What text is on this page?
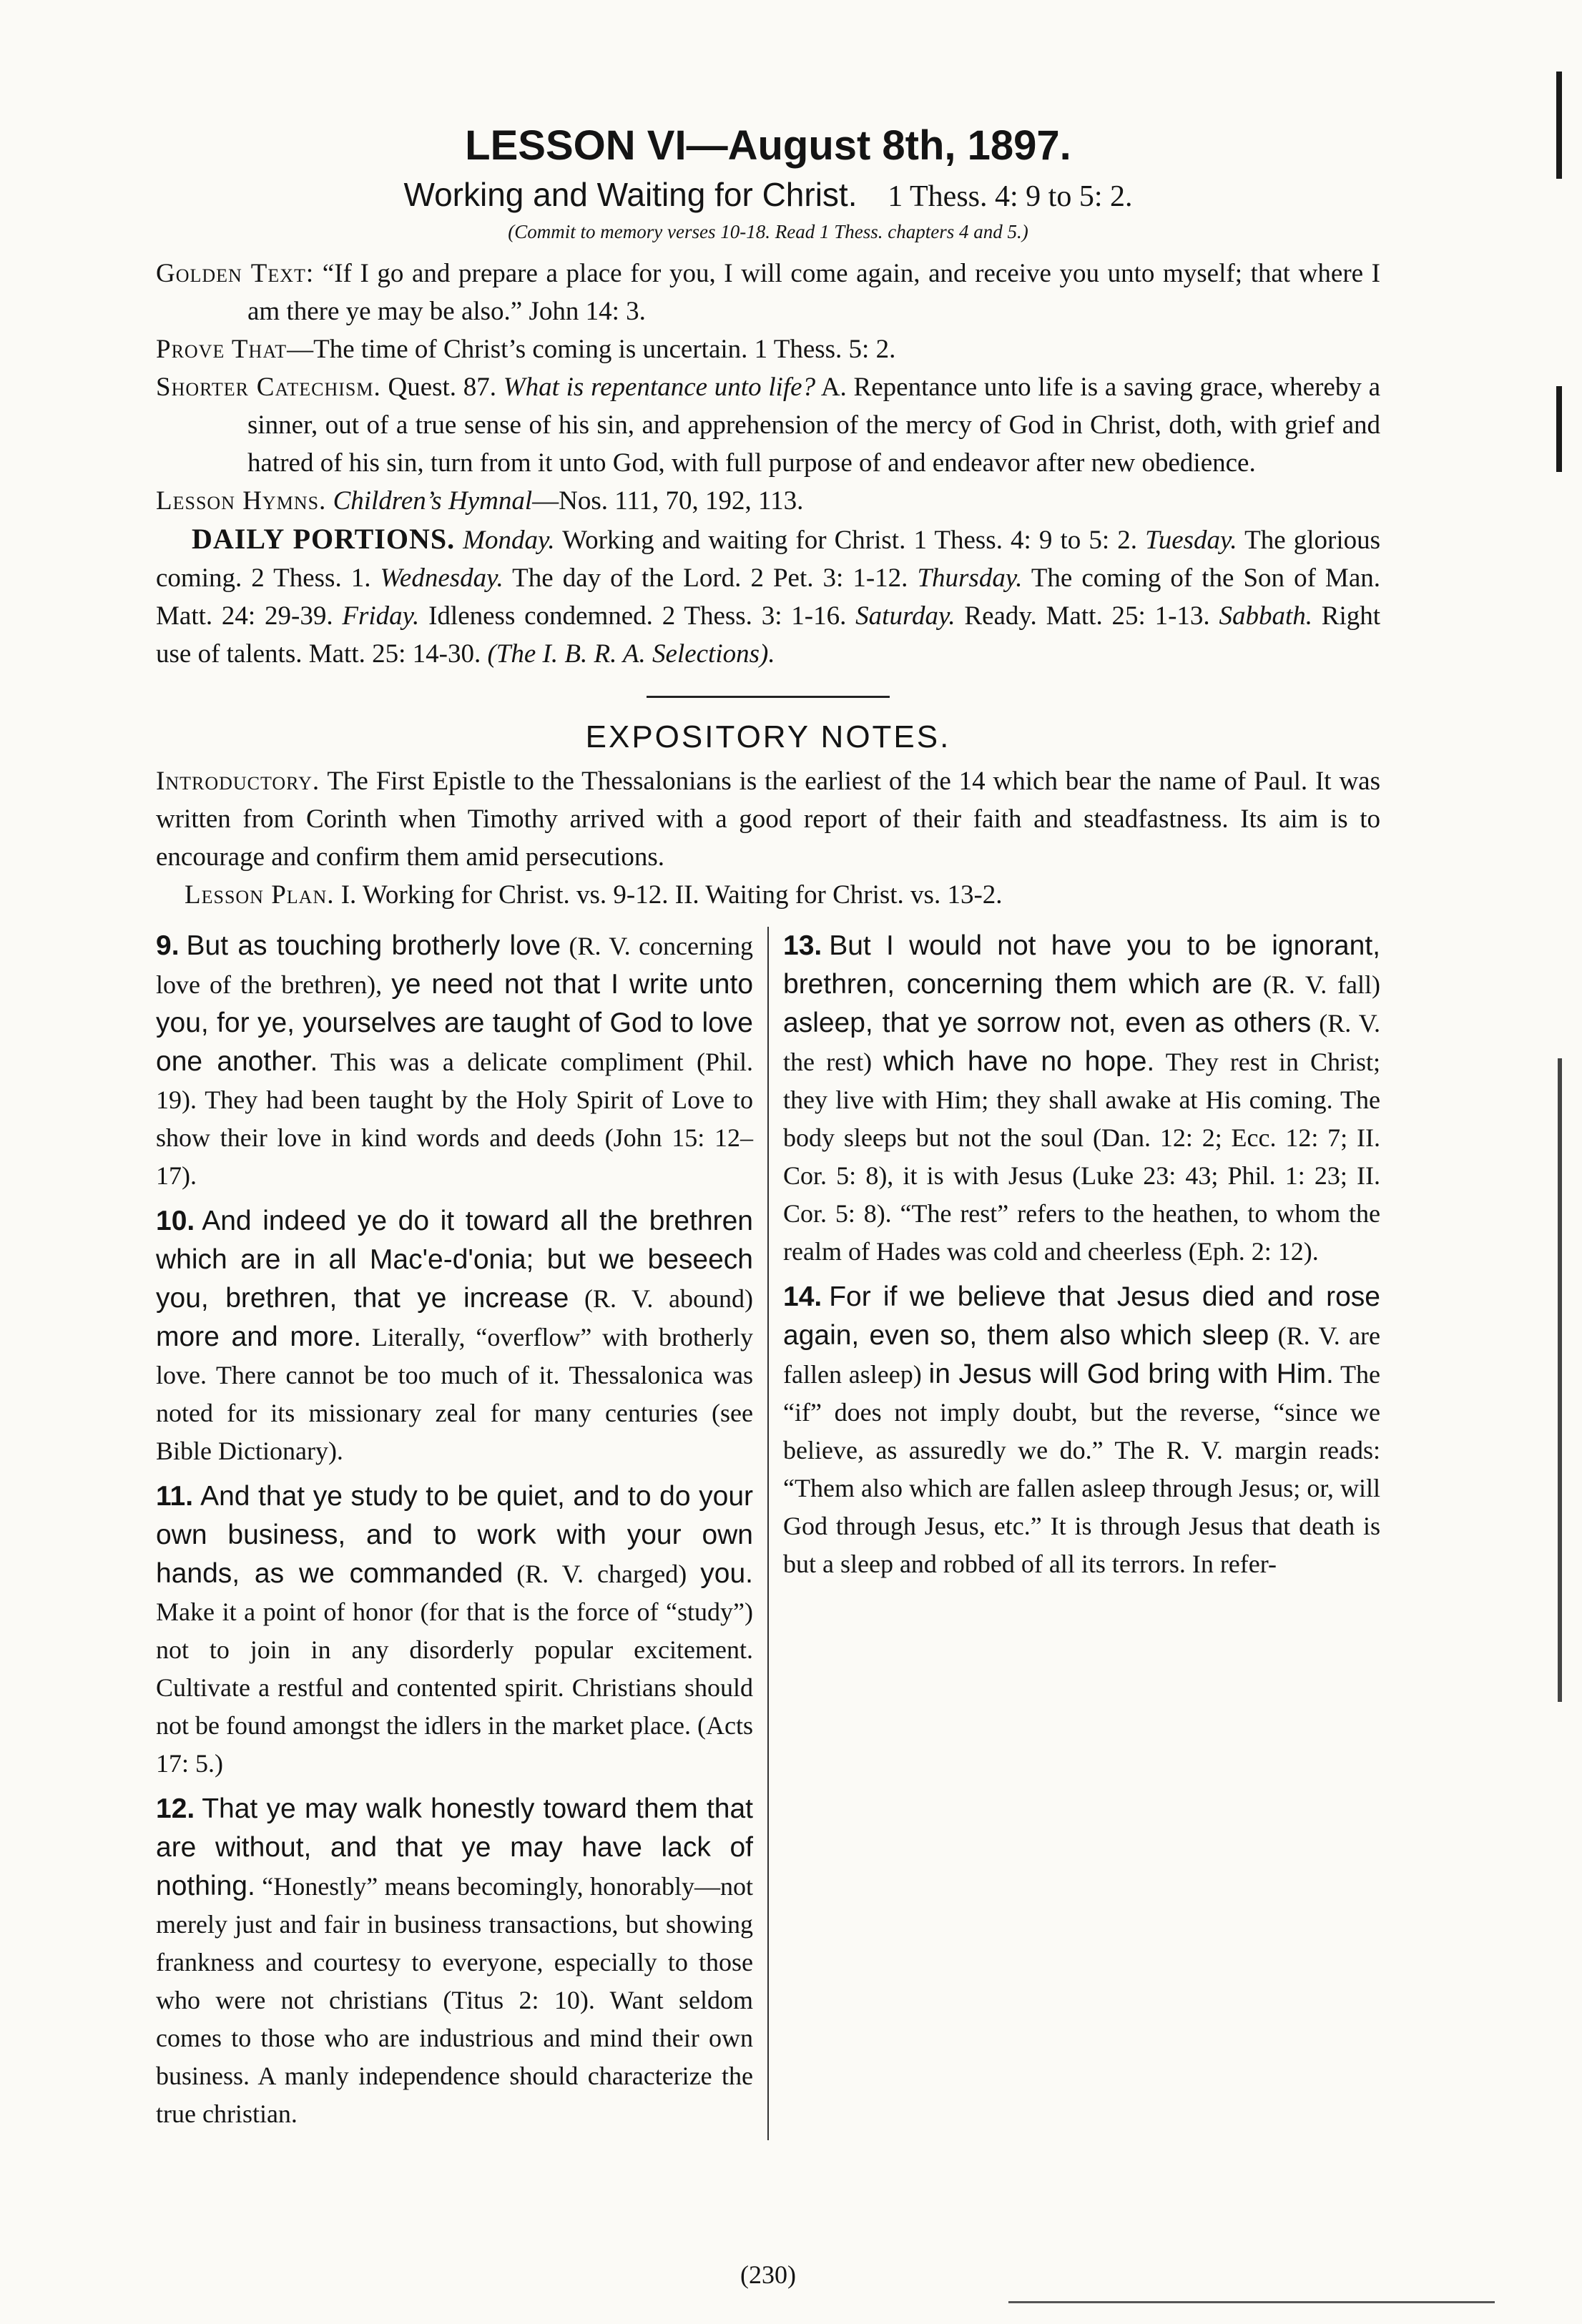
LESSON VI—August 8th, 1897.
Working and Waiting for Christ. 1 Thess. 4: 9 to 5: 2.
(Commit to memory verses 10-18. Read 1 Thess. chapters 4 and 5.)

Golden Text: “If I go and prepare a place for you, I will come again, and receive you unto myself; that where I am there ye may be also.” John 14: 3.

Prove That—The time of Christ’s coming is uncertain. 1 Thess. 5: 2.

Shorter Catechism. Quest. 87. What is repentance unto life? A. Repentance unto life is a saving grace, whereby a sinner, out of a true sense of his sin, and apprehension of the mercy of God in Christ, doth, with grief and hatred of his sin, turn from it unto God, with full purpose of and endeavor after new obedience.

Lesson Hymns. Children’s Hymnal—Nos. 111, 70, 192, 113.

DAILY PORTIONS. Monday. Working and waiting for Christ. 1 Thess. 4: 9 to 5: 2. Tuesday. The glorious coming. 2 Thess. 1. Wednesday. The day of the Lord. 2 Pet. 3: 1-12. Thursday. The coming of the Son of Man. Matt. 24: 29-39. Friday. Idleness condemned. 2 Thess. 3: 1-16. Saturday. Ready. Matt. 25: 1-13. Sabbath. Right use of talents. Matt. 25: 14-30. (The I. B. R. A. Selections).

EXPOSITORY NOTES.

Introductory. The First Epistle to the Thessalonians is the earliest of the 14 which bear the name of Paul. It was written from Corinth when Timothy arrived with a good report of their faith and steadfastness. Its aim is to encourage and confirm them amid persecutions.

Lesson Plan. I. Working for Christ. vs. 9-12. II. Waiting for Christ. vs. 13-2.

9. But as touching brotherly love (R. V. concerning love of the brethren), ye need not that I write unto you, for ye, yourselves are taught of God to love one another. This was a delicate compliment (Phil. 19). They had been taught by the Holy Spirit of Love to show their love in kind words and deeds (John 15: 12–17).

10. And indeed ye do it toward all the brethren which are in all Mac'e-d'onia; but we beseech you, brethren, that ye increase (R. V. abound) more and more. Literally, “overflow” with brotherly love. There cannot be too much of it. Thessalonica was noted for its missionary zeal for many centuries (see Bible Dictionary).

11. And that ye study to be quiet, and to do your own business, and to work with your own hands, as we commanded (R. V. charged) you. Make it a point of honor (for that is the force of “study”) not to join in any disorderly popular excitement. Cultivate a restful and contented spirit. Christians should not be found amongst the idlers in the market place. (Acts 17: 5.)

12. That ye may walk honestly toward them that are without, and that ye may have lack of nothing. “Honestly” means becomingly, honorably—not merely just and fair in business transactions, but showing frankness and courtesy to everyone, especially to those who were not christians (Titus 2: 10). Want seldom comes to those who are industrious and mind their own business. A manly independence should characterize the true christian.

13. But I would not have you to be ignorant, brethren, concerning them which are (R. V. fall) asleep, that ye sorrow not, even as others (R. V. the rest) which have no hope. They rest in Christ; they live with Him; they shall awake at His coming. The body sleeps but not the soul (Dan. 12: 2; Ecc. 12: 7; II. Cor. 5: 8), it is with Jesus (Luke 23: 43; Phil. 1: 23; II. Cor. 5: 8). “The rest” refers to the heathen, to whom the realm of Hades was cold and cheerless (Eph. 2: 12).

14. For if we believe that Jesus died and rose again, even so, them also which sleep (R. V. are fallen asleep) in Jesus will God bring with Him. The “if” does not imply doubt, but the reverse, “since we believe, as assuredly we do.” The R. V. margin reads: “Them also which are fallen asleep through Jesus; or, will God through Jesus, etc.” It is through Jesus that death is but a sleep and robbed of all its terrors. In refer-

(230)
